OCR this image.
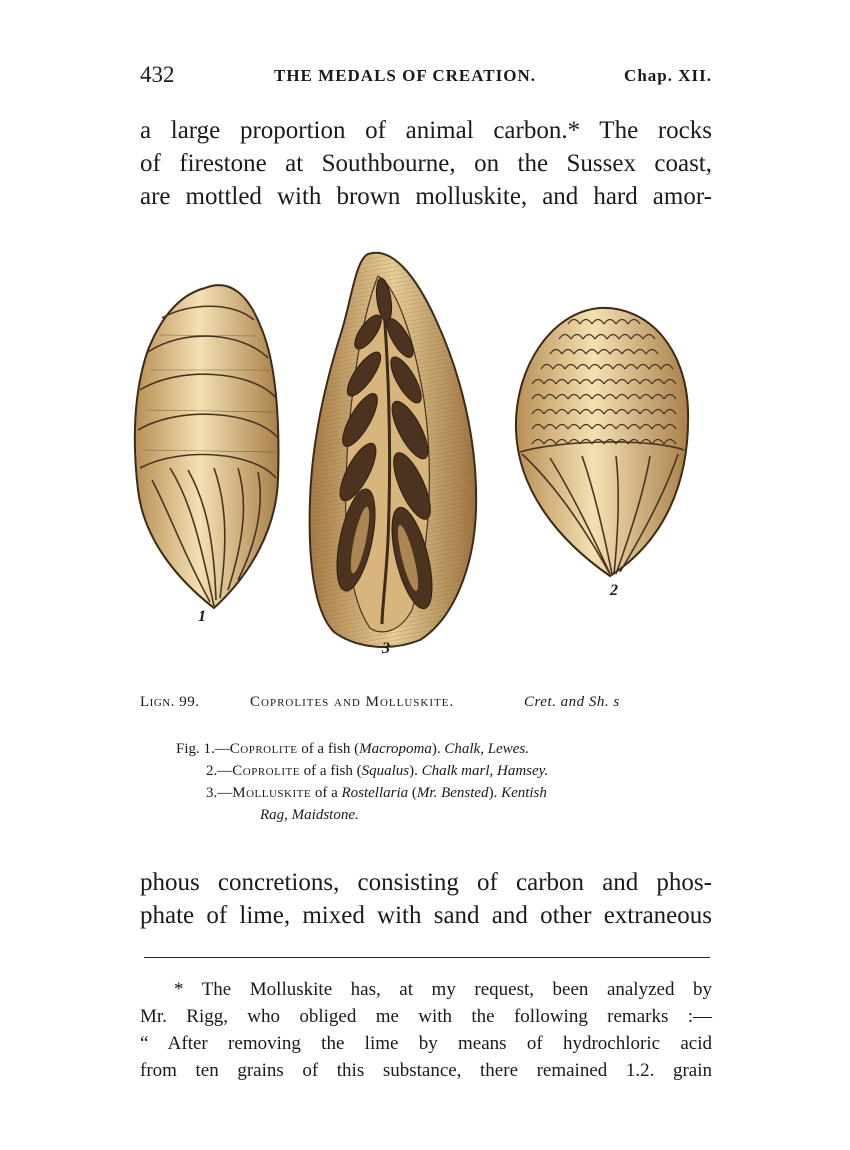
432	THE MEDALS OF CREATION.	Chap. XII.
a large proportion of animal carbon.* The rocks
of firestone at Southbourne, on the Sussex coast,
are mottled with brown molluskite, and hard amor-
1
2
3
Lign. 99.	Coprolites and Molluskite.	Cret. and Sh. s
Fig. 1.—Coprolite of a fish (Macropoma). Chalk, Lewes.
2.—Coprolite of a fish (Squalus). Chalk marl, Hamsey.
3.—Molluskite of a Rostellaria (Mr. Bensted). Kentish
Rag, Maidstone.
phous concretions, consisting of carbon and phos-
phate of lime, mixed with sand and other extraneous
* The Molluskite has, at my request, been analyzed by
Mr. Rigg, who obliged me with the following remarks :—
“ After removing the lime by means of hydrochloric acid
from ten grains of this substance, there remained 1.2. grain
